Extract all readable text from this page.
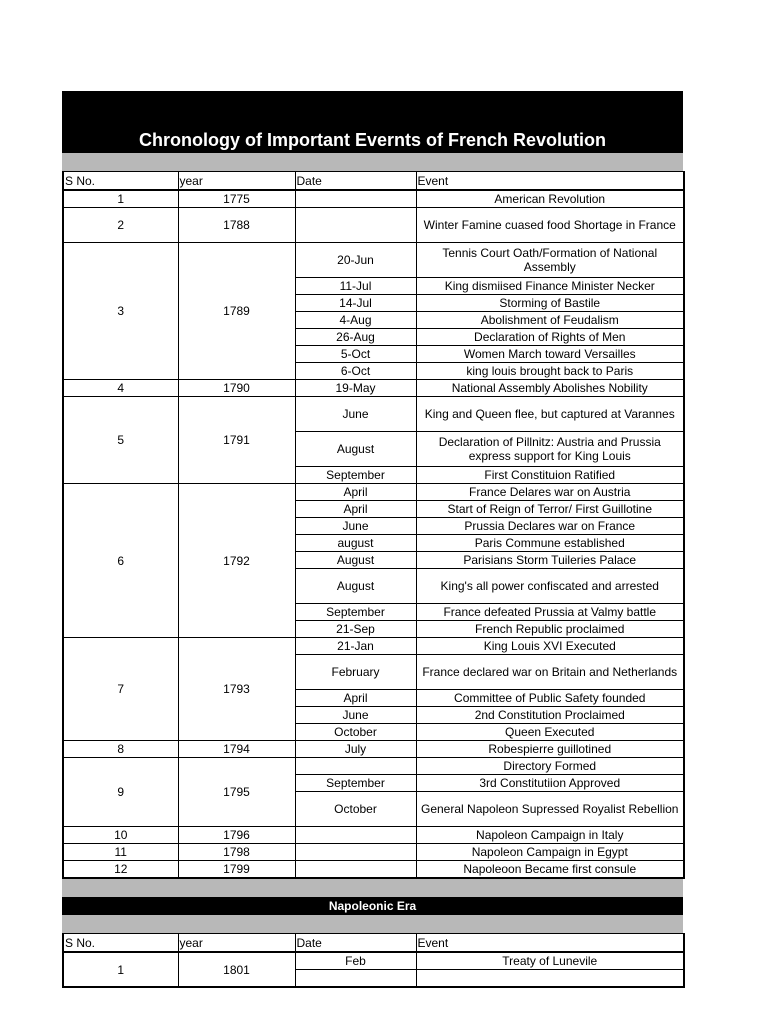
Chronology of Important Evernts of French Revolution
S No.	year	Date	Event
1	1775		American Revolution
2	1788		Winter Famine cuased food Shortage in France
3	1789	20-Jun	Tennis Court Oath/Formation of National Assembly
		11-Jul	King dismiised Finance Minister Necker
		14-Jul	Storming of Bastile
		4-Aug	Abolishment of Feudalism
		26-Aug	Declaration of Rights of Men
		5-Oct	Women March toward Versailles
		6-Oct	king louis brought back to Paris
4	1790	19-May	National Assembly Abolishes Nobility
5	1791	June	King and Queen flee, but captured at Varannes
		August	Declaration of Pillnitz: Austria and Prussia express support for King Louis
		September	First Constituion Ratified
6	1792	April	France Delares war on Austria
		April	Start of Reign of Terror/ First Guillotine
		June	Prussia Declares war on France
		august	Paris Commune established
		August	Parisians Storm Tuileries Palace
		August	King's all power confiscated and arrested
		September	France defeated Prussia at Valmy battle
		21-Sep	French Republic proclaimed
7	1793	21-Jan	King Louis XVI Executed
		February	France declared war on Britain and Netherlands
		April	Committee of Public Safety founded
		June	2nd Constitution Proclaimed
		October	Queen Executed
8	1794	July	Robespierre guillotined
9	1795		Directory Formed
		September	3rd Constitutiion Approved
		October	General Napoleon Supressed Royalist Rebellion
10	1796		Napoleon Campaign in Italy
11	1798		Napoleon Campaign in Egypt
12	1799		Napoleoon Became first consule
Napoleonic Era
S No.	year	Date	Event
1	1801	Feb	Treaty of Lunevile
